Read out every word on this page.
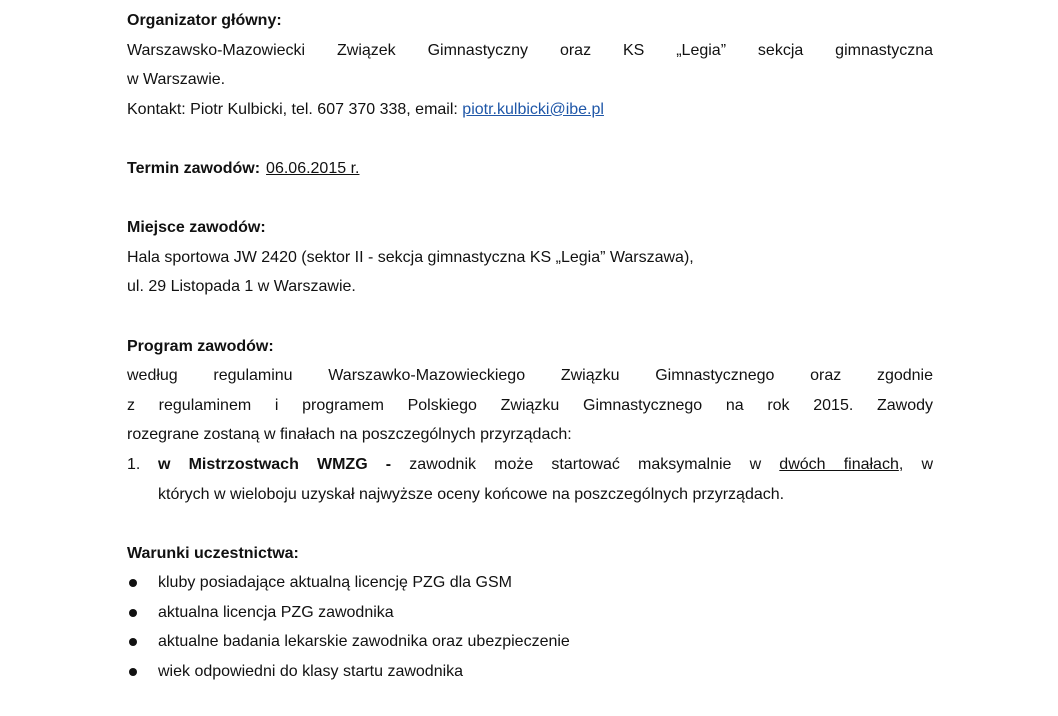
Organizator główny:
Warszawsko-Mazowiecki Związek Gimnastyczny oraz KS „Legia” sekcja gimnastyczna
w Warszawie.
Kontakt: Piotr Kulbicki, tel. 607 370 338, email: piotr.kulbicki@ibe.pl
Termin zawodów: 06.06.2015 r.
Miejsce zawodów:
Hala sportowa JW 2420 (sektor II - sekcja gimnastyczna KS „Legia” Warszawa),
ul. 29 Listopada 1 w Warszawie.
Program zawodów:
według regulaminu Warszawko-Mazowieckiego Związku Gimnastycznego oraz zgodnie
z regulaminem i programem Polskiego Związku Gimnastycznego na rok 2015. Zawody
rozegrane zostaną w finałach na poszczególnych przyrządach:
1. w Mistrzostwach WMZG - zawodnik może startować maksymalnie w dwóch finałach, w
których w wieloboju uzyskał najwyższe oceny końcowe na poszczególnych przyrządach.
Warunki uczestnictwa:
kluby posiadające aktualną licencję PZG dla GSM
aktualna licencja PZG zawodnika
aktualne badania lekarskie zawodnika oraz ubezpieczenie
wiek odpowiedni do klasy startu zawodnika
